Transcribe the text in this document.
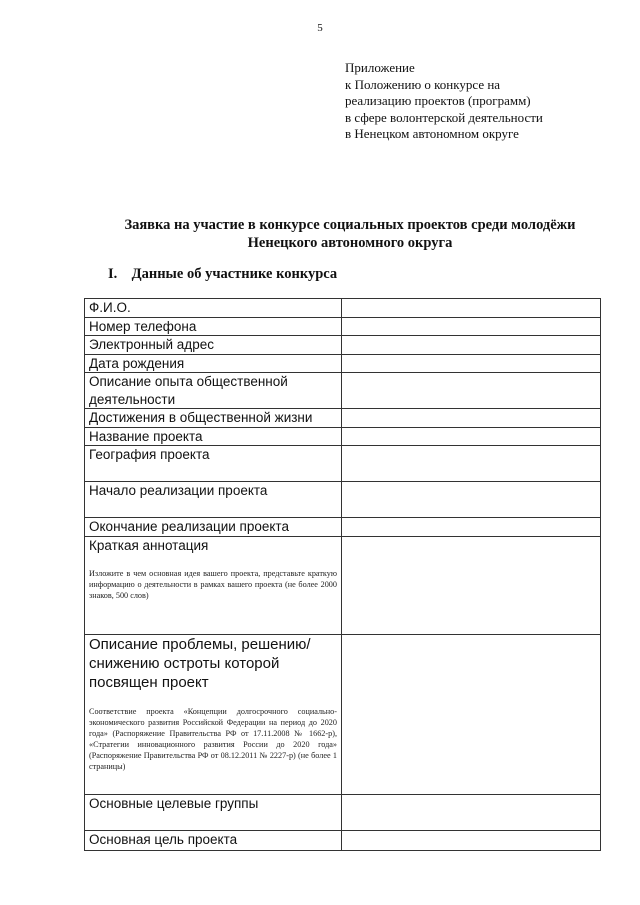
5
Приложение
к Положению о конкурсе на
реализацию проектов (программ)
в сфере волонтерской деятельности
в Ненецком автономном округе
Заявка на участие в конкурсе социальных проектов среди молодёжи
Ненецкого автономного округа
I. Данные об участнике конкурса
Ф.И.О.	
Номер телефона	
Электронный адрес	
Дата рождения	
Описание опыта общественной деятельности	
Достижения в общественной жизни	
Название проекта	
География проекта	
Начало реализации проекта	
Окончание реализации проекта	

Краткая аннотация
Изложите в чем основная идея вашего проекта, представьте краткую информацию о деятельности в рамках вашего проекта (не более 2000 знаков, 500 слов)	

Описание проблемы, решению/снижению остроты которой посвящен проект
Соответствие проекта «Концепции долгосрочного социально-экономического развития Российской Федерации на период до 2020 года» (Распоряжение Правительства РФ от 17.11.2008 № 1662-р), «Стратегии инновационного развития России до 2020 года» (Распоряжение Правительства РФ от 08.12.2011 № 2227-р) (не более 1 страницы)	

Основные целевые группы	
Основная цель проекта	
